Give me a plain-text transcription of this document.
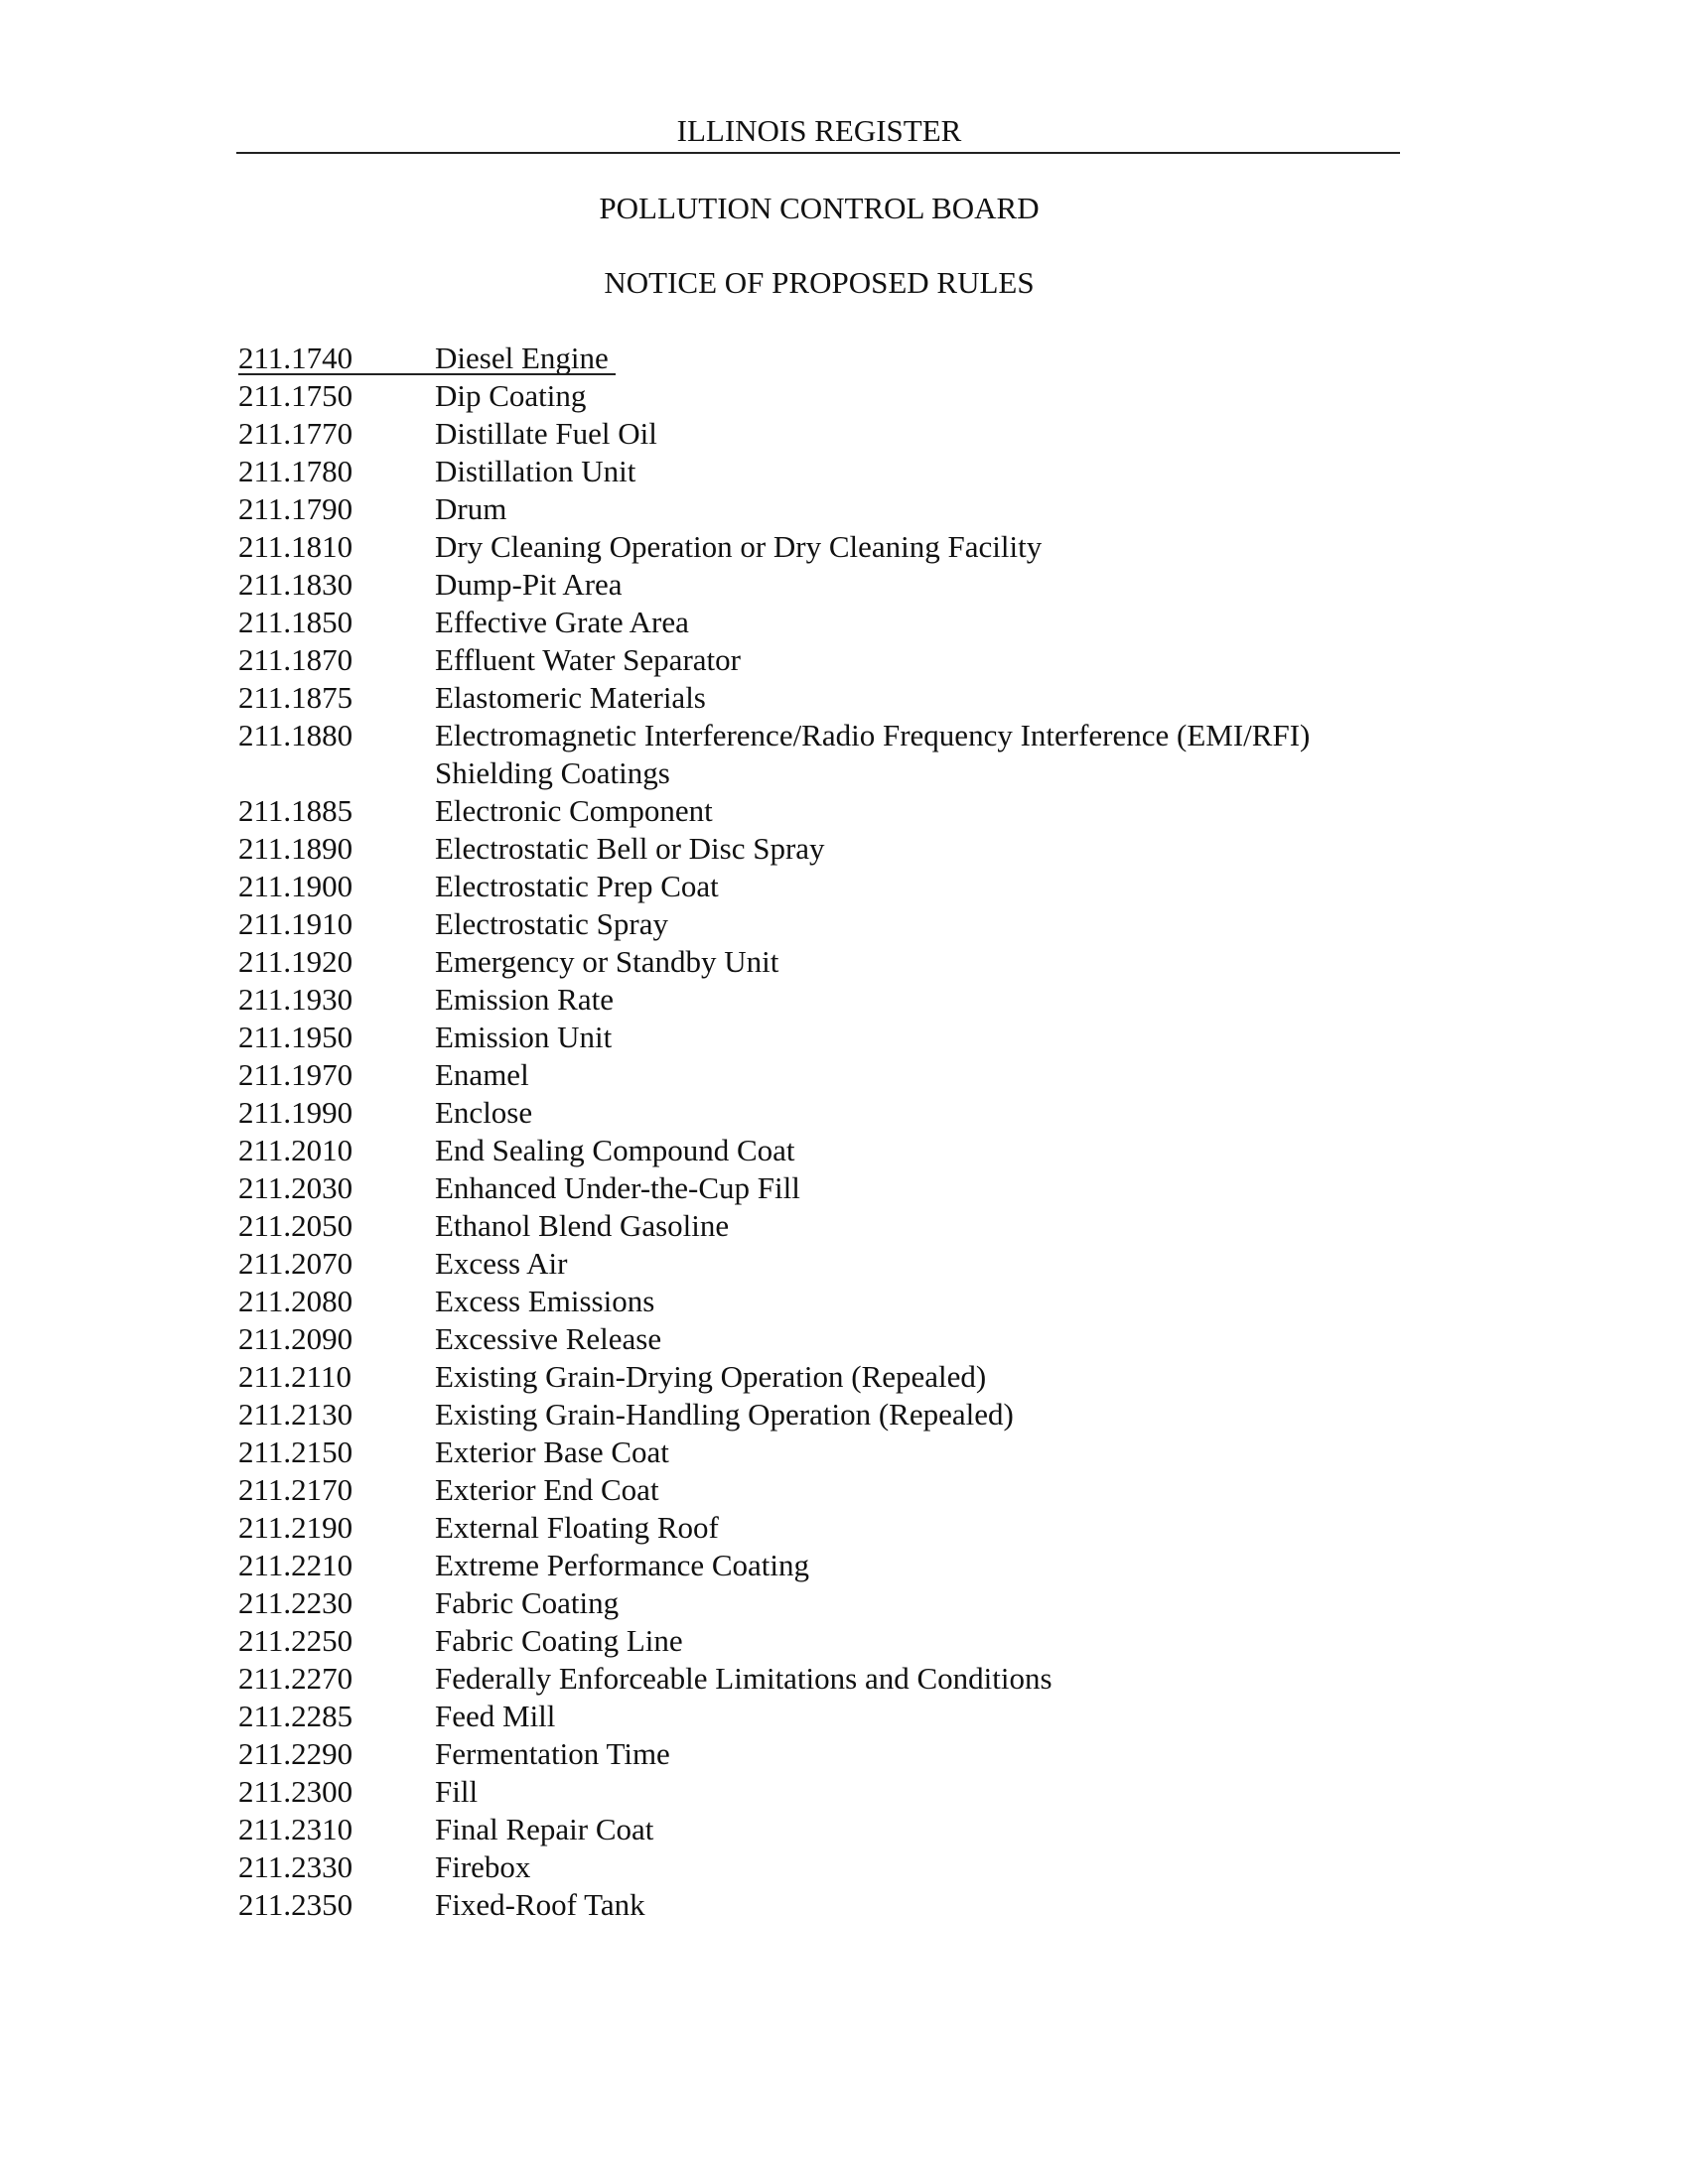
ILLINOIS REGISTER
POLLUTION CONTROL BOARD
NOTICE OF PROPOSED RULES
211.1740	Diesel Engine
211.1750	Dip Coating
211.1770	Distillate Fuel Oil
211.1780	Distillation Unit
211.1790	Drum
211.1810	Dry Cleaning Operation or Dry Cleaning Facility
211.1830	Dump-Pit Area
211.1850	Effective Grate Area
211.1870	Effluent Water Separator
211.1875	Elastomeric Materials
211.1880	Electromagnetic Interference/Radio Frequency Interference (EMI/RFI) Shielding Coatings
211.1885	Electronic Component
211.1890	Electrostatic Bell or Disc Spray
211.1900	Electrostatic Prep Coat
211.1910	Electrostatic Spray
211.1920	Emergency or Standby Unit
211.1930	Emission Rate
211.1950	Emission Unit
211.1970	Enamel
211.1990	Enclose
211.2010	End Sealing Compound Coat
211.2030	Enhanced Under-the-Cup Fill
211.2050	Ethanol Blend Gasoline
211.2070	Excess Air
211.2080	Excess Emissions
211.2090	Excessive Release
211.2110	Existing Grain-Drying Operation (Repealed)
211.2130	Existing Grain-Handling Operation (Repealed)
211.2150	Exterior Base Coat
211.2170	Exterior End Coat
211.2190	External Floating Roof
211.2210	Extreme Performance Coating
211.2230	Fabric Coating
211.2250	Fabric Coating Line
211.2270	Federally Enforceable Limitations and Conditions
211.2285	Feed Mill
211.2290	Fermentation Time
211.2300	Fill
211.2310	Final Repair Coat
211.2330	Firebox
211.2350	Fixed-Roof Tank
